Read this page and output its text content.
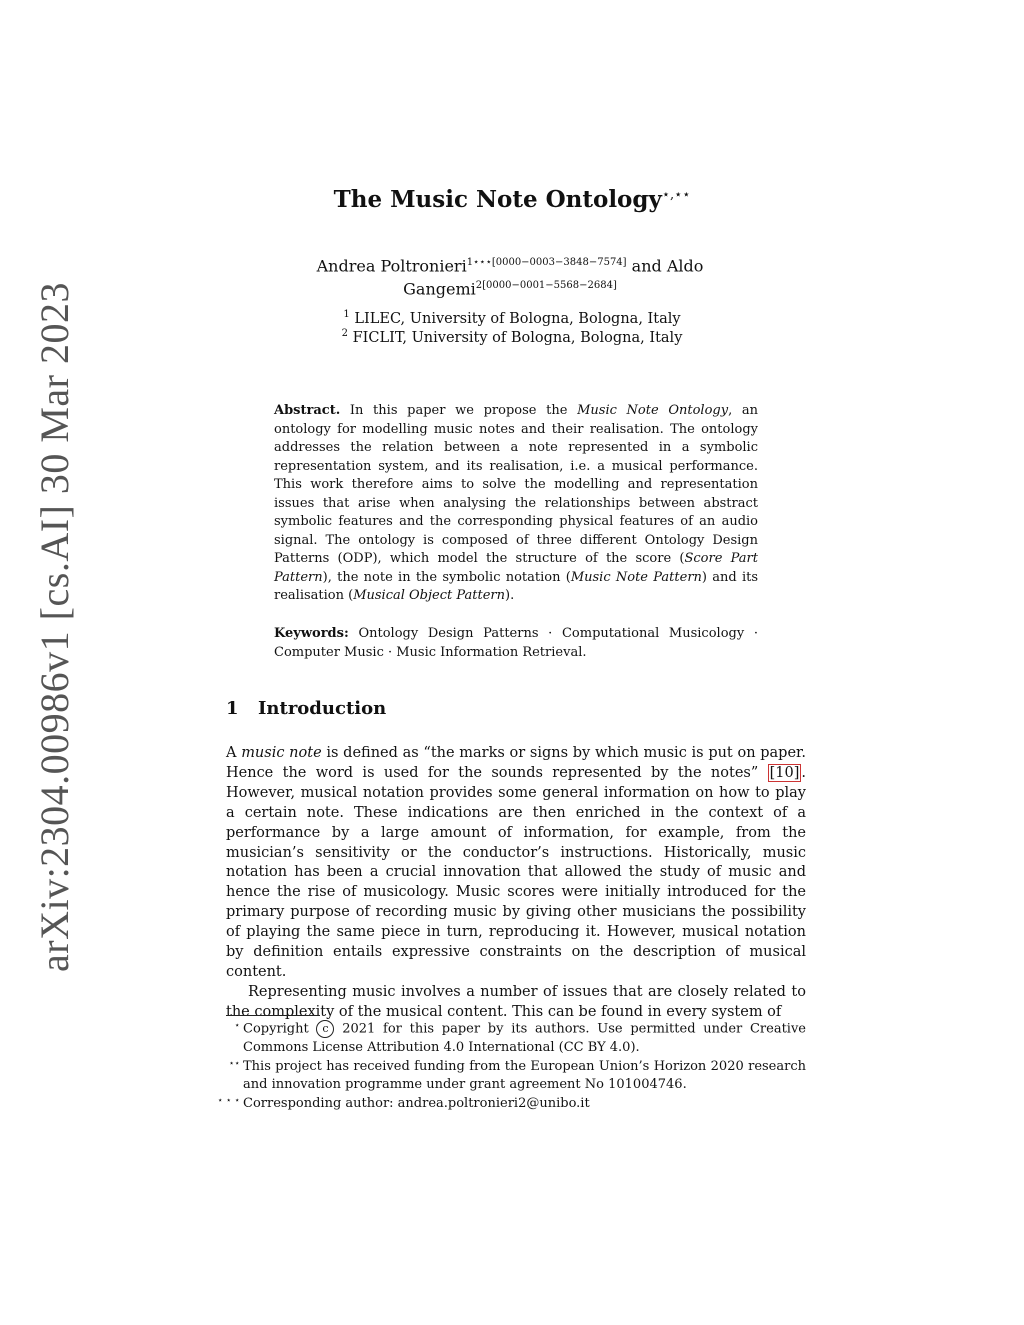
arXiv:2304.00986v1 [cs.AI] 30 Mar 2023
The Music Note Ontology⋆,⋆⋆
Andrea Poltronieri$^{1⋆⋆⋆[0000-0003-3848-7574]}$ and Aldo
Gangemi$^{2[0000-0001-5568-2684]}$
$^1$ LILEC, University of Bologna, Bologna, Italy
$^2$ FICLIT, University of Bologna, Bologna, Italy
Abstract. In this paper we propose the Music Note Ontology, an ontology for modelling music notes and their realisation. The ontology addresses the relation between a note represented in a symbolic representation system, and its realisation, i.e. a musical performance. This work therefore aims to solve the modelling and representation issues that arise when analysing the relationships between abstract symbolic features and the corresponding physical features of an audio signal. The ontology is composed of three different Ontology Design Patterns (ODP), which model the structure of the score (Score Part Pattern), the note in the symbolic notation (Music Note Pattern) and its realisation (Musical Object Pattern).
Keywords: Ontology Design Patterns · Computational Musicology · Computer Music · Music Information Retrieval.
1 Introduction

A music note is defined as “the marks or signs by which music is put on paper. Hence the word is used for the sounds represented by the notes” [10] . However, musical notation provides some general information on how to play a certain note. These indications are then enriched in the context of a performance by a large amount of information, for example, from the musician’s sensitivity or the conductor’s instructions. Historically, music notation has been a crucial innovation that allowed the study of music and hence the rise of musicology. Music scores were initially introduced for the primary purpose of recording music by giving other musicians the possibility of playing the same piece in turn, reproducing it. However, musical notation by definition entails expressive constraints on the description of musical content.

Representing music involves a number of issues that are closely related to the complexity of the musical content. This can be found in every system of

⋆ Copyright c 2021 for this paper by its authors. Use permitted under Creative Commons License Attribution 4.0 International (CC BY 4.0).
⋆⋆ This project has received funding from the European Union’s Horizon 2020 research and innovation programme under grant agreement No 101004746.
⋆ ⋆ ⋆ Corresponding author: andrea.poltronieri2@unibo.it
